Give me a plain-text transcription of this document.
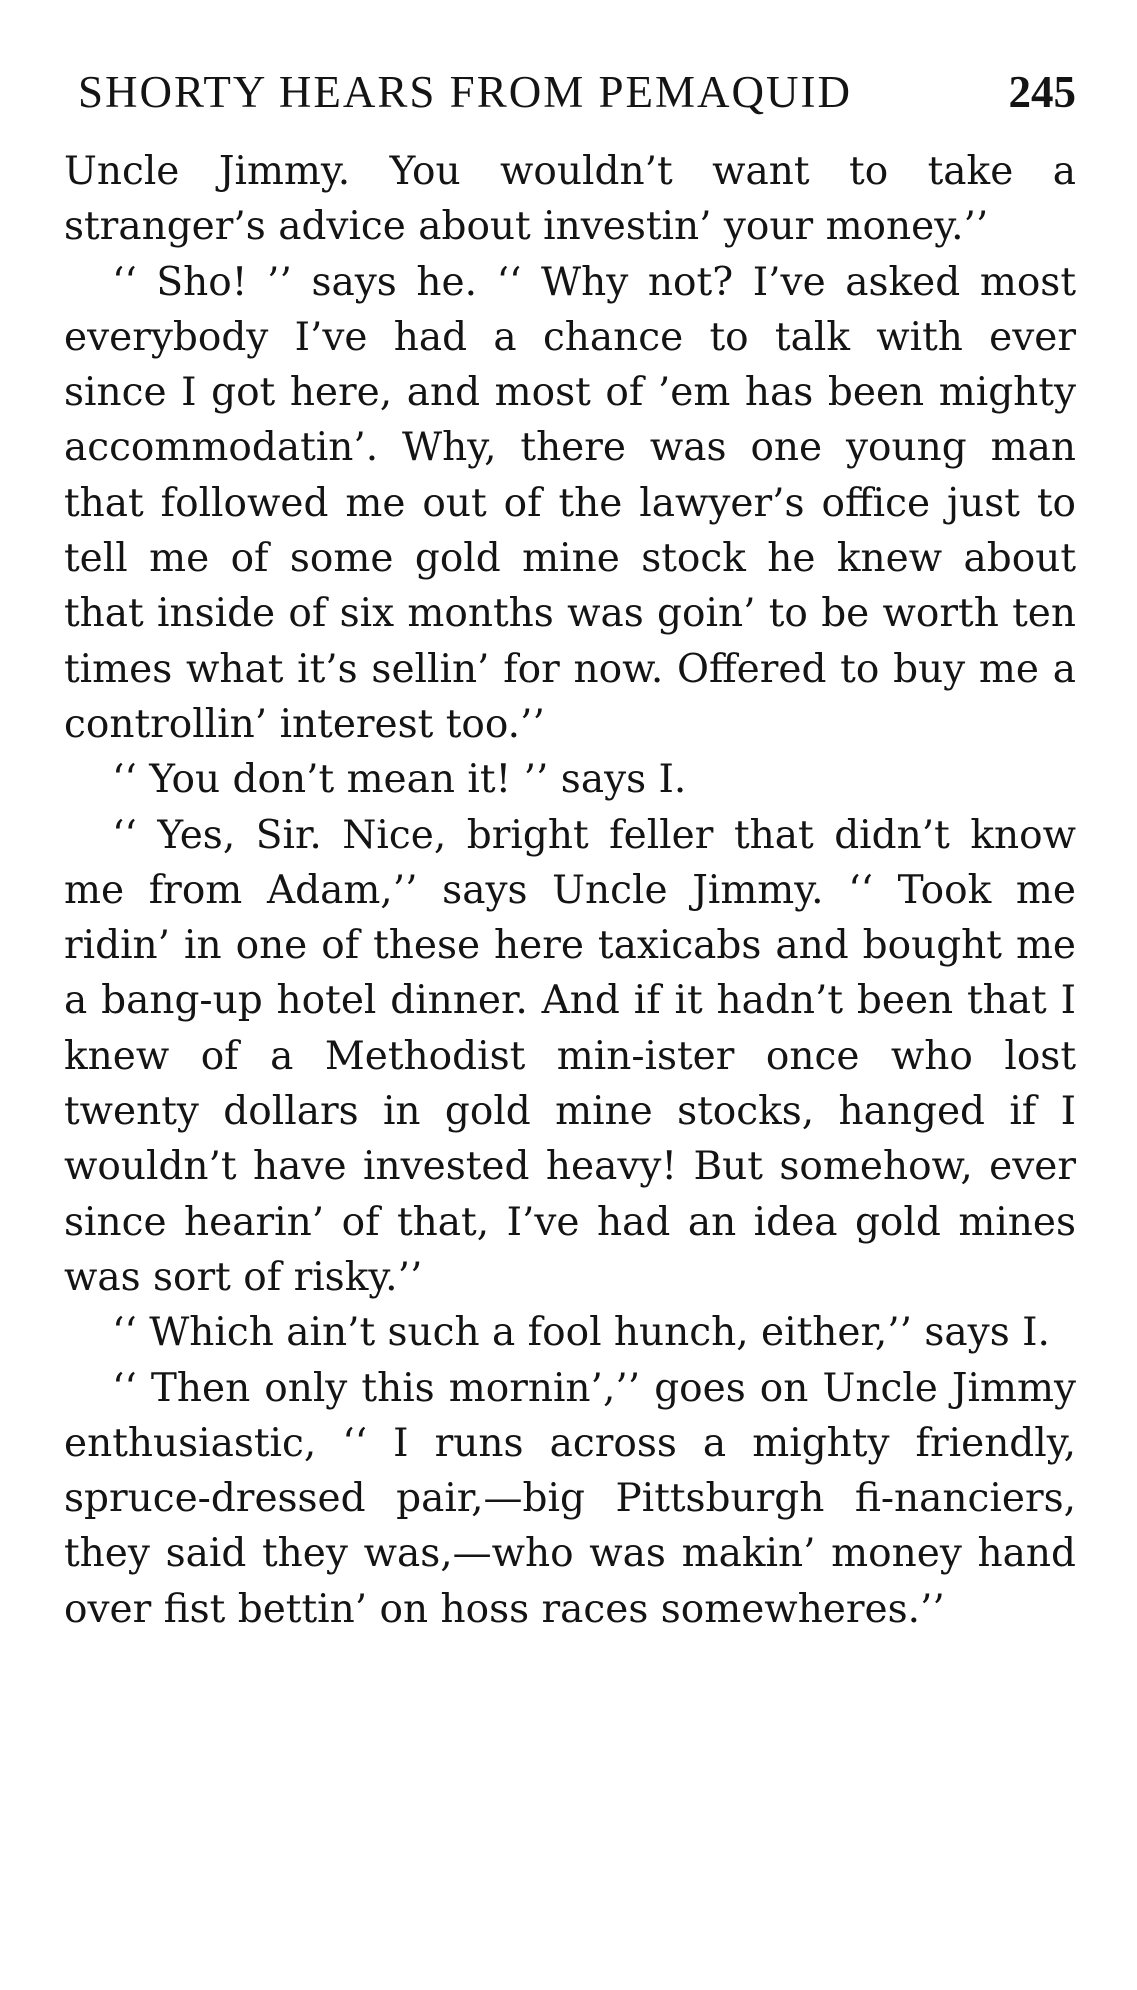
SHORTY HEARS FROM PEMAQUID	245

Uncle Jimmy. You wouldn’t want to take a stranger’s advice about investin’ your money.’’

‘‘ Sho! ’’ says he. ‘‘ Why not? I’ve asked most everybody I’ve had a chance to talk with ever since I got here, and most of ’em has been mighty accommodatin’. Why, there was one young man that followed me out of the lawyer’s office just to tell me of some gold mine stock he knew about that inside of six months was goin’ to be worth ten times what it’s sellin’ for now. Offered to buy me a controllin’ interest too.’’

‘‘ You don’t mean it! ’’ says I.

‘‘ Yes, Sir. Nice, bright feller that didn’t know me from Adam,’’ says Uncle Jimmy. ‘‘ Took me ridin’ in one of these here taxicabs and bought me a bang-up hotel dinner. And if it hadn’t been that I knew of a Methodist min-ister once who lost twenty dollars in gold mine stocks, hanged if I wouldn’t have invested heavy! But somehow, ever since hearin’ of that, I’ve had an idea gold mines was sort of risky.’’

‘‘ Which ain’t such a fool hunch, either,’’ says I.

‘‘ Then only this mornin’,’’ goes on Uncle Jimmy enthusiastic, ‘‘ I runs across a mighty friendly, spruce-dressed pair,—big Pittsburgh fi-nanciers, they said they was,—who was makin’ money hand over fist bettin’ on hoss races somewheres.’’
